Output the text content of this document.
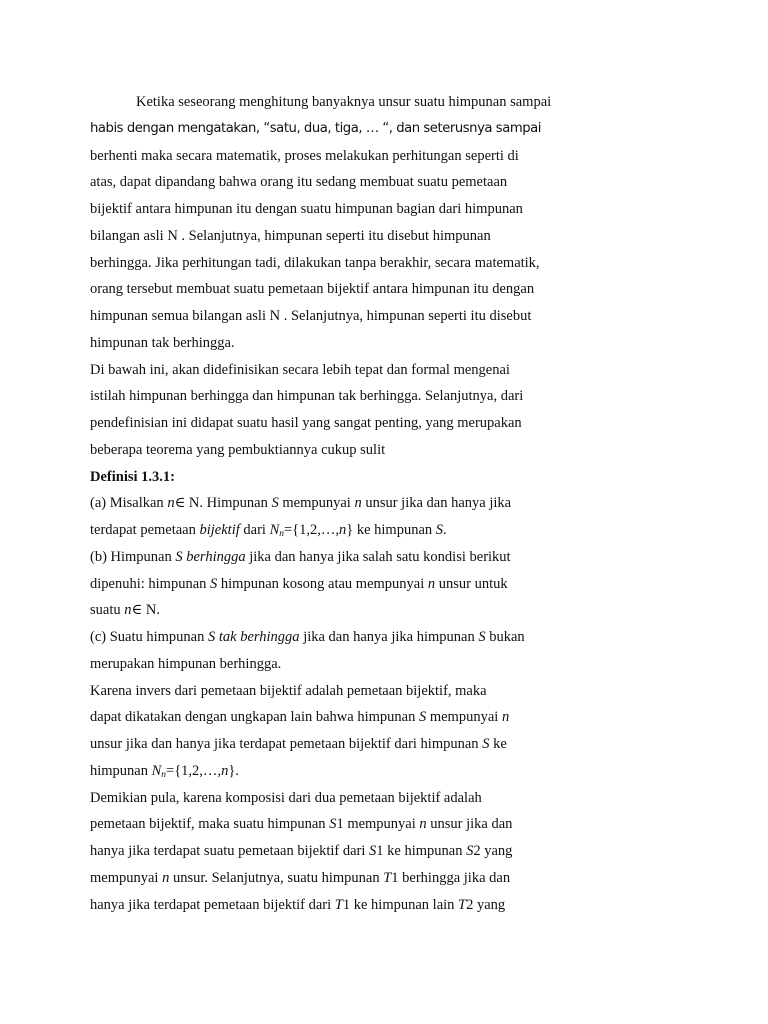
Ketika seseorang menghitung banyaknya unsur suatu himpunan sampai
habis dengan mengatakan, “satu, dua, tiga, … “, dan seterusnya sampai
berhenti maka secara matematik, proses melakukan perhitungan seperti di
atas, dapat dipandang bahwa orang itu sedang membuat suatu pemetaan
bijektif antara himpunan itu dengan suatu himpunan bagian dari himpunan
bilangan asli N . Selanjutnya, himpunan seperti itu disebut himpunan
berhingga. Jika perhitungan tadi, dilakukan tanpa berakhir, secara matematik,
orang tersebut membuat suatu pemetaan bijektif antara himpunan itu dengan
himpunan semua bilangan asli N . Selanjutnya, himpunan seperti itu disebut
himpunan tak berhingga.
Di bawah ini, akan didefinisikan secara lebih tepat dan formal mengenai
istilah himpunan berhingga dan himpunan tak berhingga. Selanjutnya, dari
pendefinisian ini didapat suatu hasil yang sangat penting, yang merupakan
beberapa teorema yang pembuktiannya cukup sulit
Definisi 1.3.1:
(a) Misalkan n∈ N. Himpunan S mempunyai n unsur jika dan hanya jika
terdapat pemetaan bijektif dari $N_n=\{1,2,\dots,n\}$ ke himpunan S.
(b) Himpunan S berhingga jika dan hanya jika salah satu kondisi berikut
dipenuhi: himpunan S himpunan kosong atau mempunyai n unsur untuk
suatu n∈ N.
(c) Suatu himpunan S tak berhingga jika dan hanya jika himpunan S bukan
merupakan himpunan berhingga.
Karena invers dari pemetaan bijektif adalah pemetaan bijektif, maka
dapat dikatakan dengan ungkapan lain bahwa himpunan S mempunyai n
unsur jika dan hanya jika terdapat pemetaan bijektif dari himpunan S ke
himpunan $N_n=\{1,2,\dots,n\}$.
Demikian pula, karena komposisi dari dua pemetaan bijektif adalah
pemetaan bijektif, maka suatu himpunan S1 mempunyai n unsur jika dan
hanya jika terdapat suatu pemetaan bijektif dari S1 ke himpunan S2 yang
mempunyai n unsur. Selanjutnya, suatu himpunan T1 berhingga jika dan
hanya jika terdapat pemetaan bijektif dari T1 ke himpunan lain T2 yang
